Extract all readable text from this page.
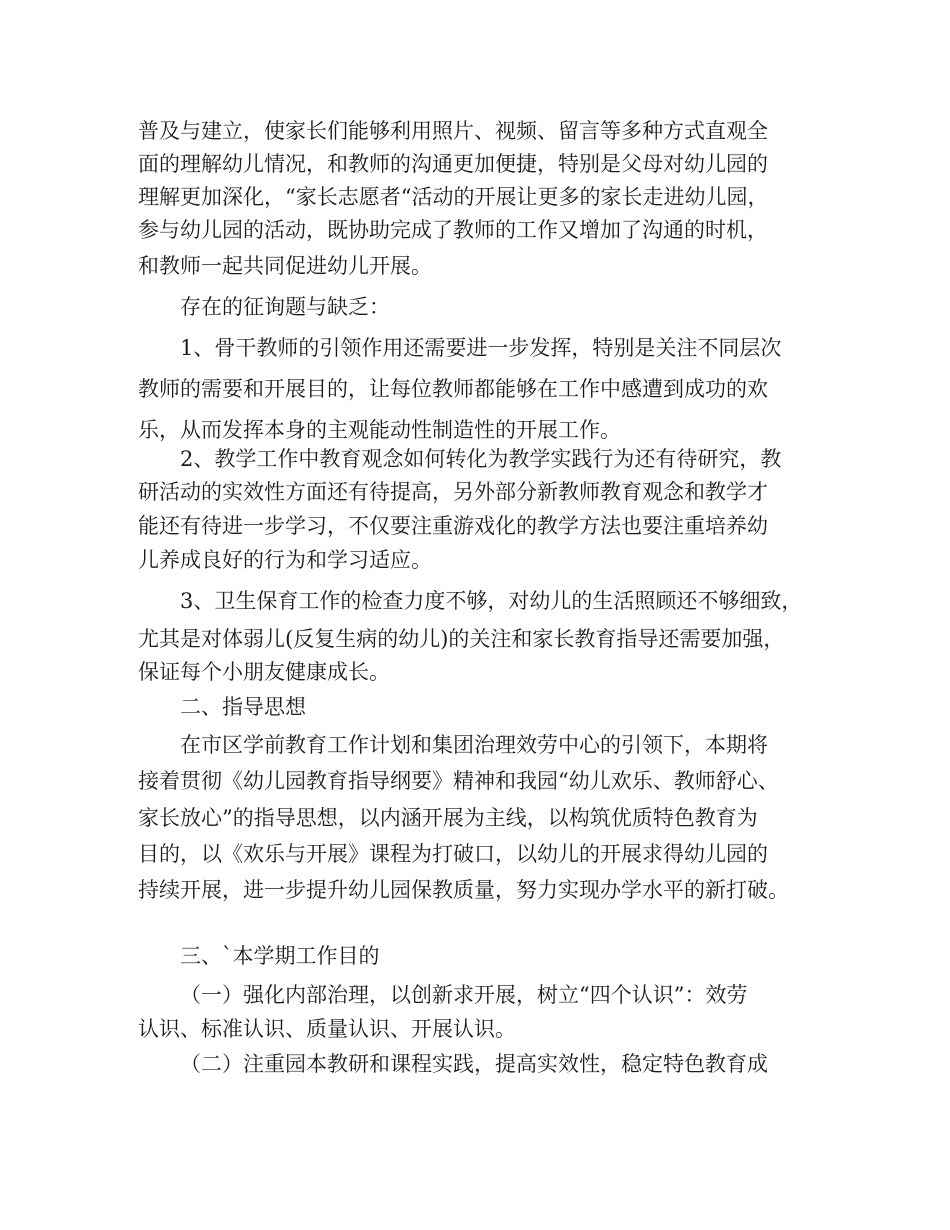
普及与建立，使家长们能够利用照片、视频、留言等多种方式直观全

面的理解幼儿情况，和教师的沟通更加便捷，特别是父母对幼儿园的

理解更加深化，“家长志愿者“活动的开展让更多的家长走进幼儿园，

参与幼儿园的活动，既协助完成了教师的工作又增加了沟通的时机，

和教师一起共同促进幼儿开展。

存在的征询题与缺乏：

1、骨干教师的引领作用还需要进一步发挥，特别是关注不同层次

教师的需要和开展目的，让每位教师都能够在工作中感遭到成功的欢

乐，从而发挥本身的主观能动性制造性的开展工作。

2、教学工作中教育观念如何转化为教学实践行为还有待研究，教

研活动的实效性方面还有待提高，另外部分新教师教育观念和教学才

能还有待进一步学习，不仅要注重游戏化的教学方法也要注重培养幼

儿养成良好的行为和学习适应。

3、卫生保育工作的检查力度不够，对幼儿的生活照顾还不够细致，

尤其是对体弱儿(反复生病的幼儿)的关注和家长教育指导还需要加强，

保证每个小朋友健康成长。

二、指导思想

在市区学前教育工作计划和集团治理效劳中心的引领下，本期将

接着贯彻《幼儿园教育指导纲要》精神和我园“幼儿欢乐、教师舒心、

家长放心”的指导思想，以内涵开展为主线，以构筑优质特色教育为

目的，以《欢乐与开展》课程为打破口，以幼儿的开展求得幼儿园的

持续开展，进一步提升幼儿园保教质量，努力实现办学水平的新打破。

三、`本学期工作目的

（一）强化内部治理，以创新求开展，树立“四个认识”：效劳

认识、标准认识、质量认识、开展认识。

（二）注重园本教研和课程实践，提高实效性，稳定特色教育成
